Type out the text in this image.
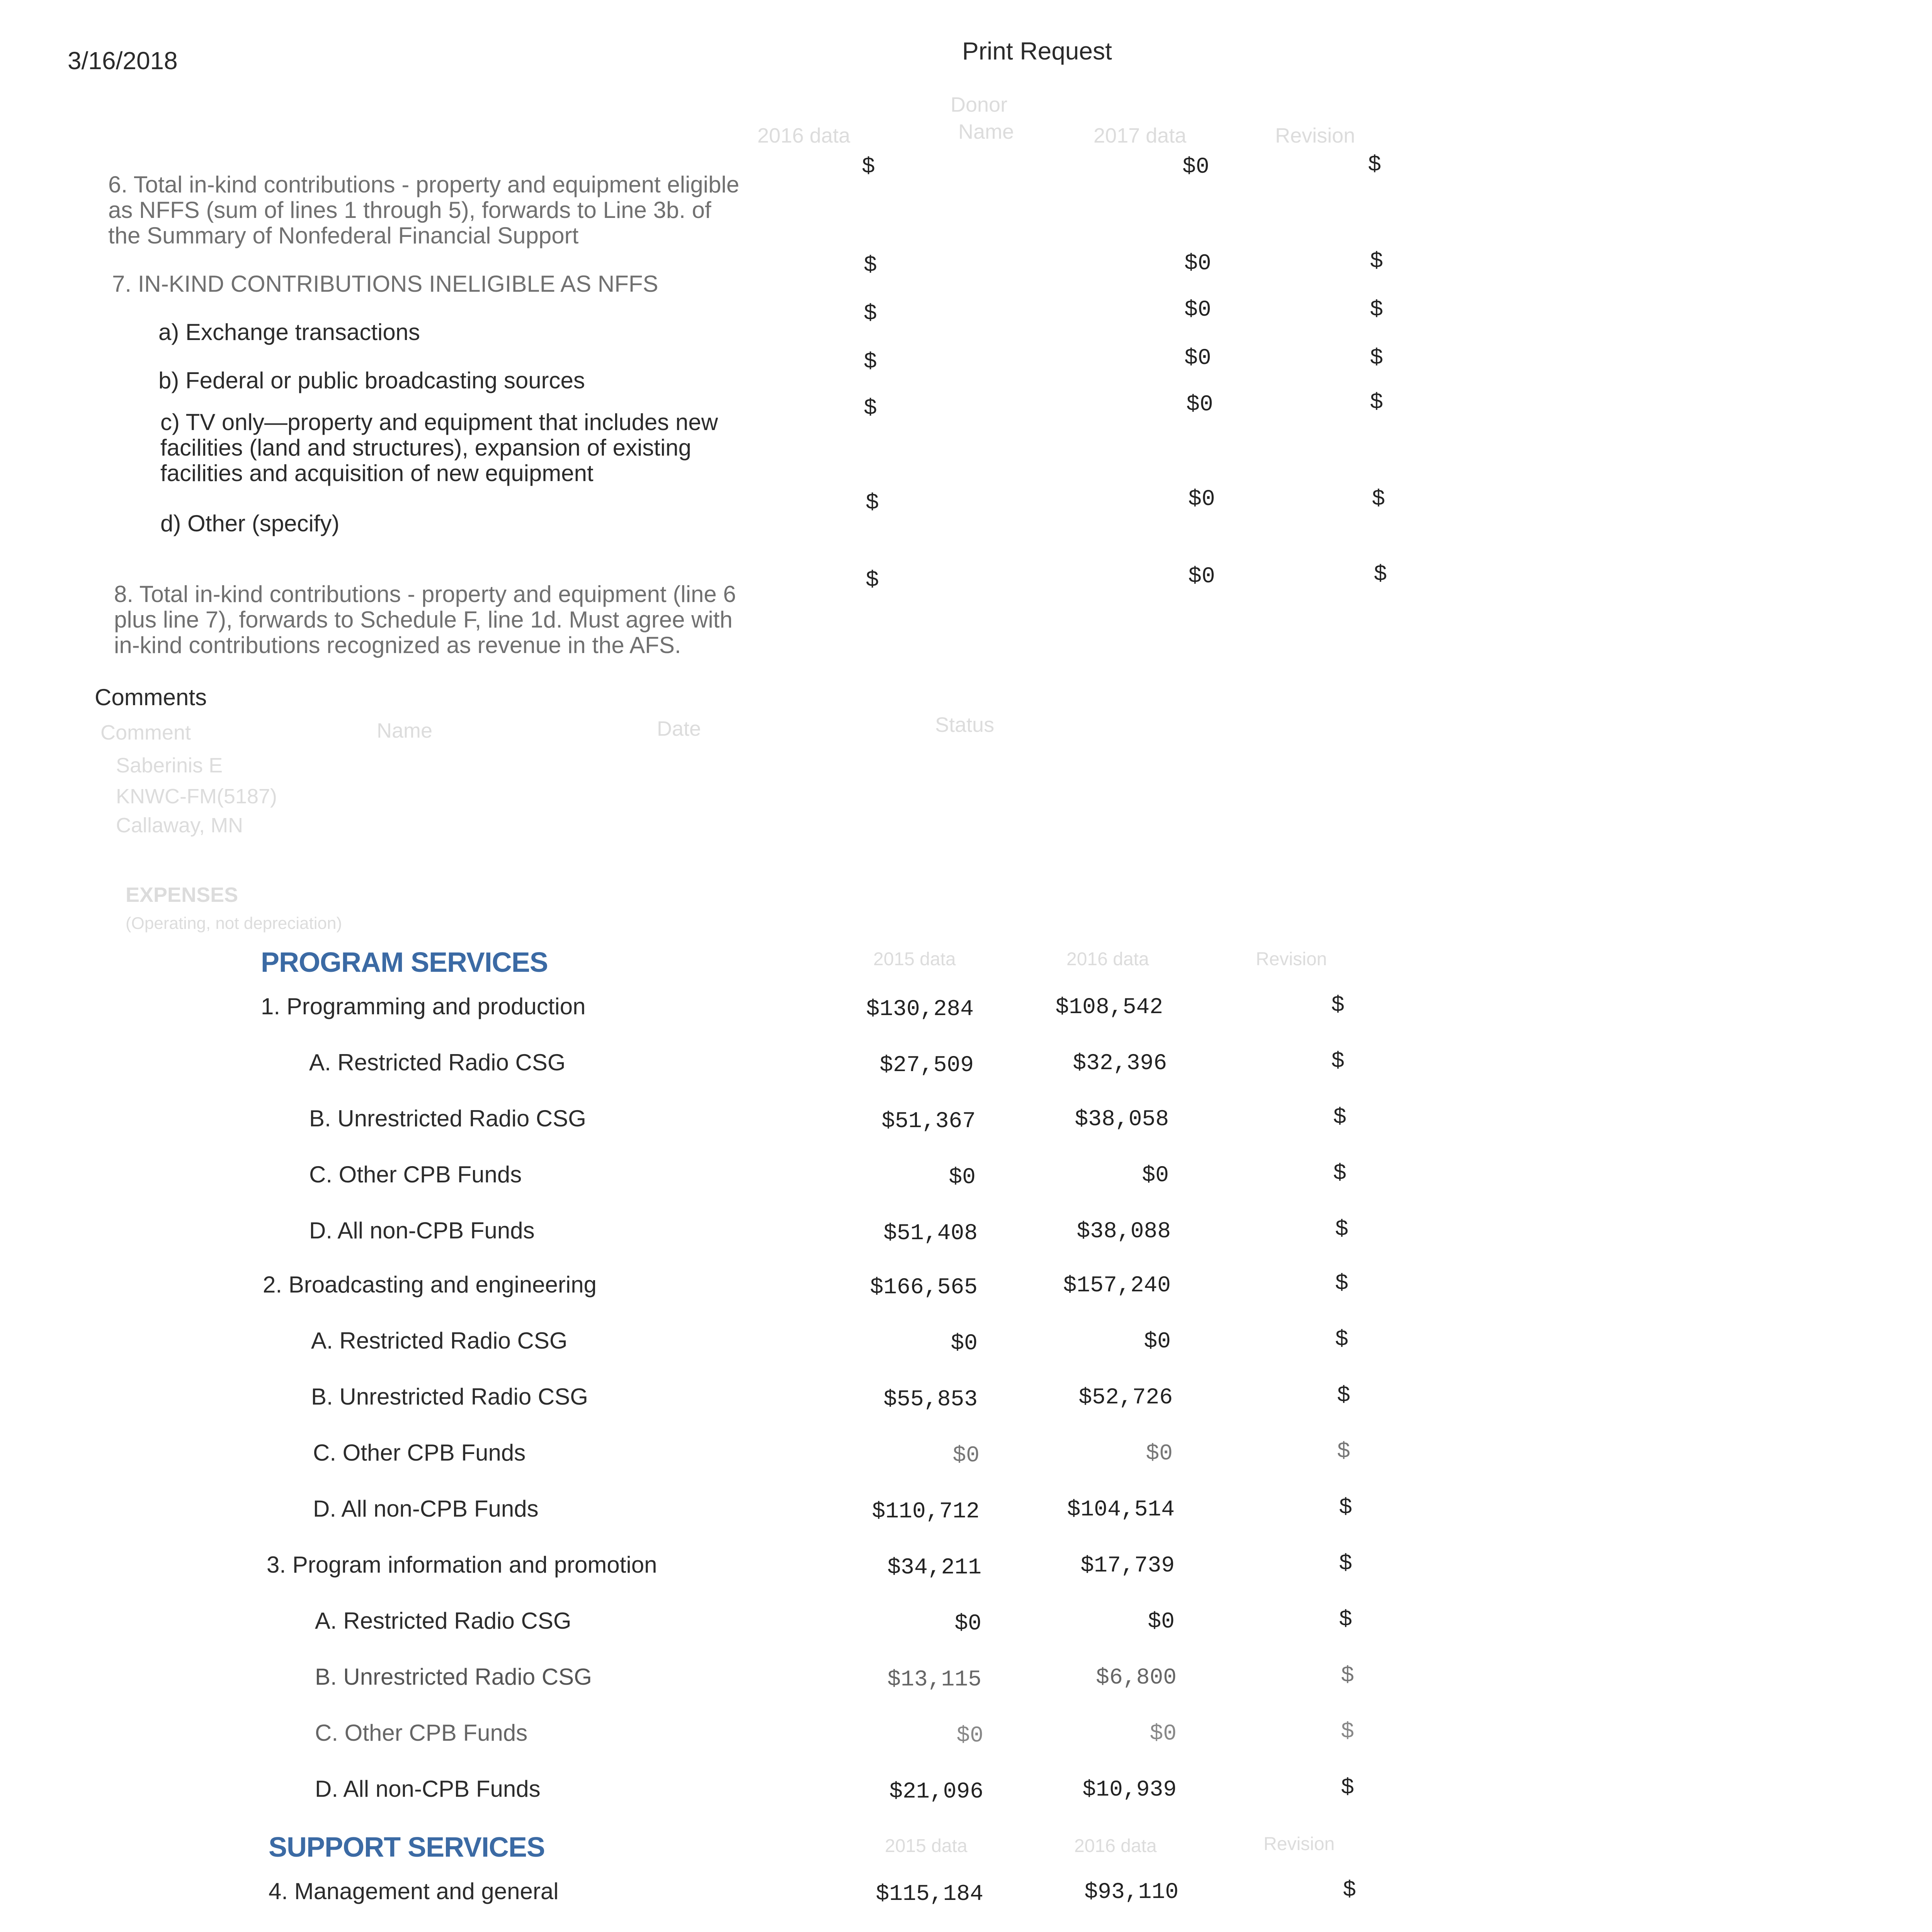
3/16/2018	Print Request
2016 data
Donor
Name	2017 data	Revision
6. Total in-kind contributions - property and equipment eligible as NFFS (sum of lines 1 through 5), forwards to Line 3b. of the Summary of Nonfederal Financial Support
$	$0	$
7. IN-KIND CONTRIBUTIONS INELIGIBLE AS NFFS
$	$0	$
a) Exchange transactions
$	$0	$
b) Federal or public broadcasting sources
$	$0	$
c) TV only—property and equipment that includes new facilities (land and structures), expansion of existing facilities and acquisition of new equipment
$	$0	$
d) Other (specify)
$	$0	$
8. Total in-kind contributions - property and equipment (line 6 plus line 7), forwards to Schedule F, line 1d. Must agree with in-kind contributions recognized as revenue in the AFS.
$	$0	$
Comments
Comment	Name	Date	Status
Saberinis E
KNWC-FM(5187)
Callaway, MN
EXPENSES
(Operating, not depreciation)
PROGRAM SERVICES	2015 data	2016 data	Revision
1. Programming and production	$130,284	$108,542	$
A. Restricted Radio CSG	$27,509	$32,396	$
B. Unrestricted Radio CSG	$51,367	$38,058	$
C. Other CPB Funds	$0	$0	$
D. All non-CPB Funds	$51,408	$38,088	$
2. Broadcasting and engineering	$166,565	$157,240	$
A. Restricted Radio CSG	$0	$0	$
B. Unrestricted Radio CSG	$55,853	$52,726	$
C. Other CPB Funds	$0	$0	$
D. All non-CPB Funds	$110,712	$104,514	$
3. Program information and promotion	$34,211	$17,739	$
A. Restricted Radio CSG	$0	$0	$
B. Unrestricted Radio CSG	$13,115	$6,800	$
C. Other CPB Funds	$0	$0	$
D. All non-CPB Funds	$21,096	$10,939	$
SUPPORT SERVICES	2015 data	2016 data	Revision
4. Management and general	$115,184	$93,110	$
